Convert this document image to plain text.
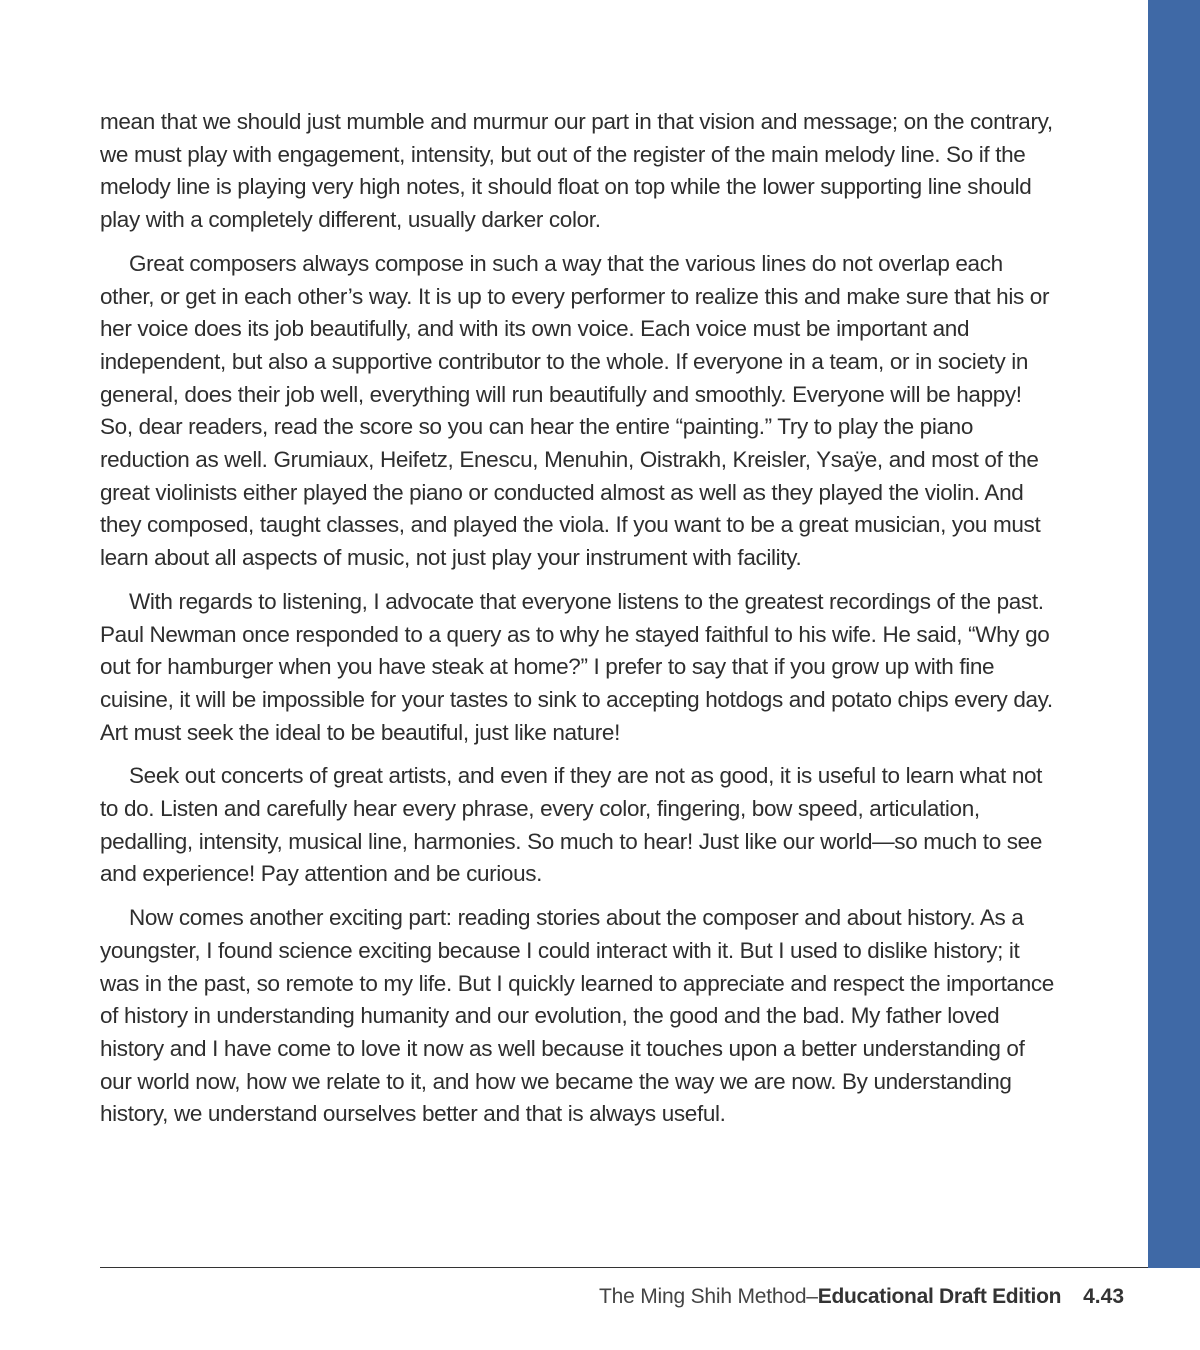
mean that we should just mumble and murmur our part in that vision and message; on the contrary, we must play with engagement, intensity, but out of the register of the main melody line. So if the melody line is playing very high notes, it should float on top while the lower supporting line should play with a completely different, usually darker color.

Great composers always compose in such a way that the various lines do not overlap each other, or get in each other’s way. It is up to every performer to realize this and make sure that his or her voice does its job beautifully, and with its own voice. Each voice must be important and independent, but also a supportive contributor to the whole. If everyone in a team, or in society in general, does their job well, everything will run beautifully and smoothly. Everyone will be happy! So, dear readers, read the score so you can hear the entire “painting.” Try to play the piano reduction as well. Grumiaux, Heifetz, Enescu, Menuhin, Oistrakh, Kreisler, Ysaÿe, and most of the great violinists either played the piano or conducted almost as well as they played the violin. And they composed, taught classes, and played the viola. If you want to be a great musician, you must learn about all aspects of music, not just play your instrument with facility.

With regards to listening, I advocate that everyone listens to the greatest recordings of the past. Paul Newman once responded to a query as to why he stayed faithful to his wife. He said, “Why go out for hamburger when you have steak at home?” I prefer to say that if you grow up with fine cuisine, it will be impossible for your tastes to sink to accepting hotdogs and potato chips every day. Art must seek the ideal to be beautiful, just like nature!

Seek out concerts of great artists, and even if they are not as good, it is useful to learn what not to do. Listen and carefully hear every phrase, every color, fingering, bow speed, articulation, pedalling, intensity, musical line, harmonies. So much to hear! Just like our world—so much to see and experience! Pay attention and be curious.

Now comes another exciting part: reading stories about the composer and about history. As a youngster, I found science exciting because I could interact with it. But I used to dislike history; it was in the past, so remote to my life. But I quickly learned to appreciate and respect the importance of history in understanding humanity and our evolution, the good and the bad. My father loved history and I have come to love it now as well because it touches upon a better understanding of our world now, how we relate to it, and how we became the way we are now. By understanding history, we understand ourselves better and that is always useful.

The Ming Shih Method–Educational Draft Edition 4.43
